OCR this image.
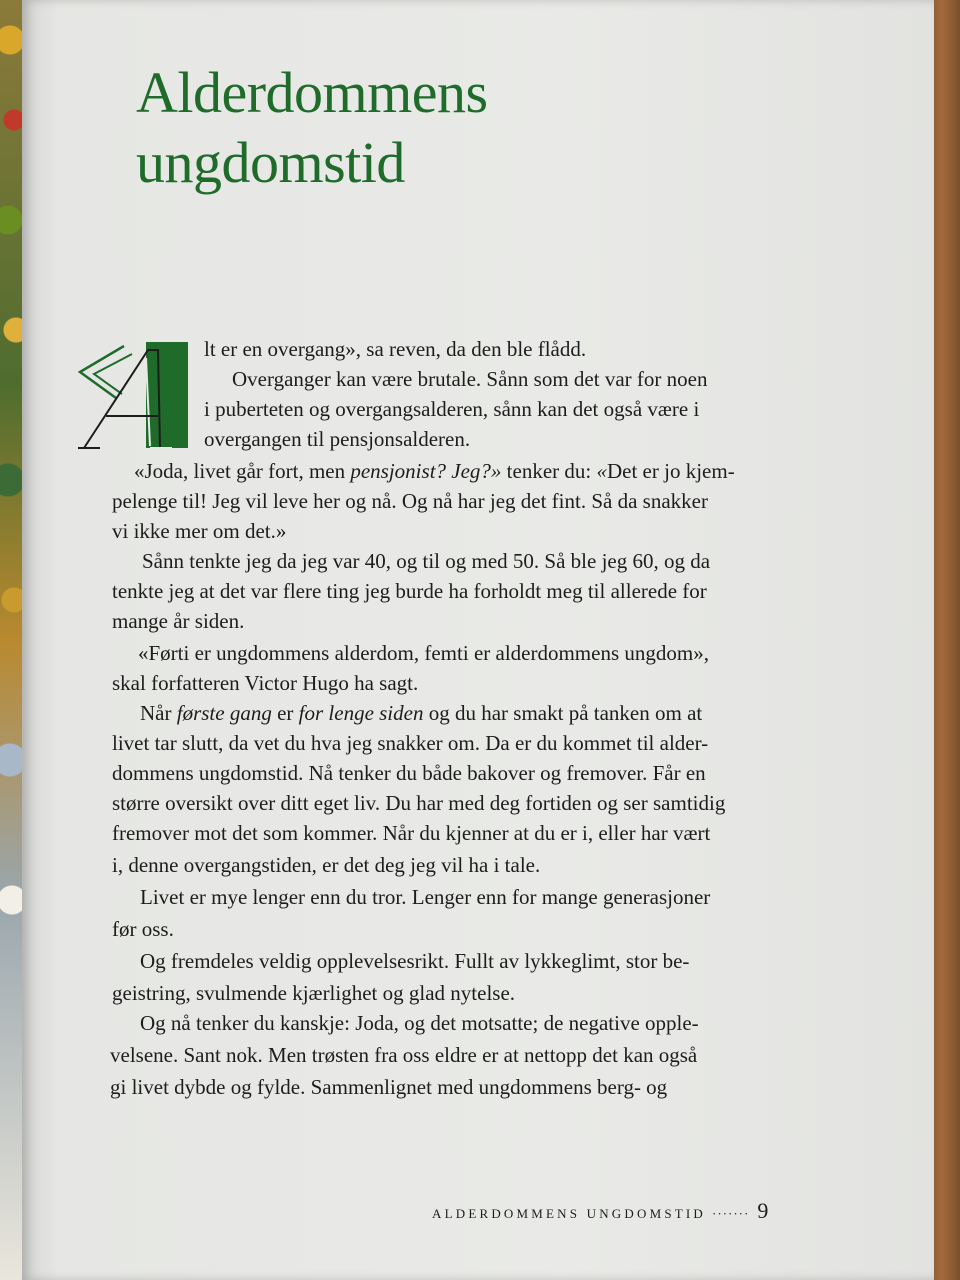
Alderdommens
ungdomstid
lt er en overgang», sa reven, da den ble flådd.
Overganger kan være brutale. Sånn som det var for noen
i puberteten og overgangsalderen, sånn kan det også være i
overgangen til pensjonsalderen.
«Joda, livet går fort, men pensjonist? Jeg?» tenker du: «Det er jo kjem-
pelenge til! Jeg vil leve her og nå. Og nå har jeg det fint. Så da snakker
vi ikke mer om det.»
Sånn tenkte jeg da jeg var 40, og til og med 50. Så ble jeg 60, og da
tenkte jeg at det var flere ting jeg burde ha forholdt meg til allerede for
mange år siden.
«Førti er ungdommens alderdom, femti er alderdommens ungdom»,
skal forfatteren Victor Hugo ha sagt.
Når første gang er for lenge siden og du har smakt på tanken om at
livet tar slutt, da vet du hva jeg snakker om. Da er du kommet til alder-
dommens ungdomstid. Nå tenker du både bakover og fremover. Får en
større oversikt over ditt eget liv. Du har med deg fortiden og ser samtidig
fremover mot det som kommer. Når du kjenner at du er i, eller har vært
i, denne overgangstiden, er det deg jeg vil ha i tale.
Livet er mye lenger enn du tror. Lenger enn for mange generasjoner
før oss.
Og fremdeles veldig opplevelsesrikt. Fullt av lykkeglimt, stor be-
geistring, svulmende kjærlighet og glad nytelse.
Og nå tenker du kanskje: Joda, og det motsatte; de negative opple-
velsene. Sant nok. Men trøsten fra oss eldre er at nettopp det kan også
gi livet dybde og fylde. Sammenlignet med ungdommens berg- og
ALDERDOMMENS UNGDOMSTID ······· 9
